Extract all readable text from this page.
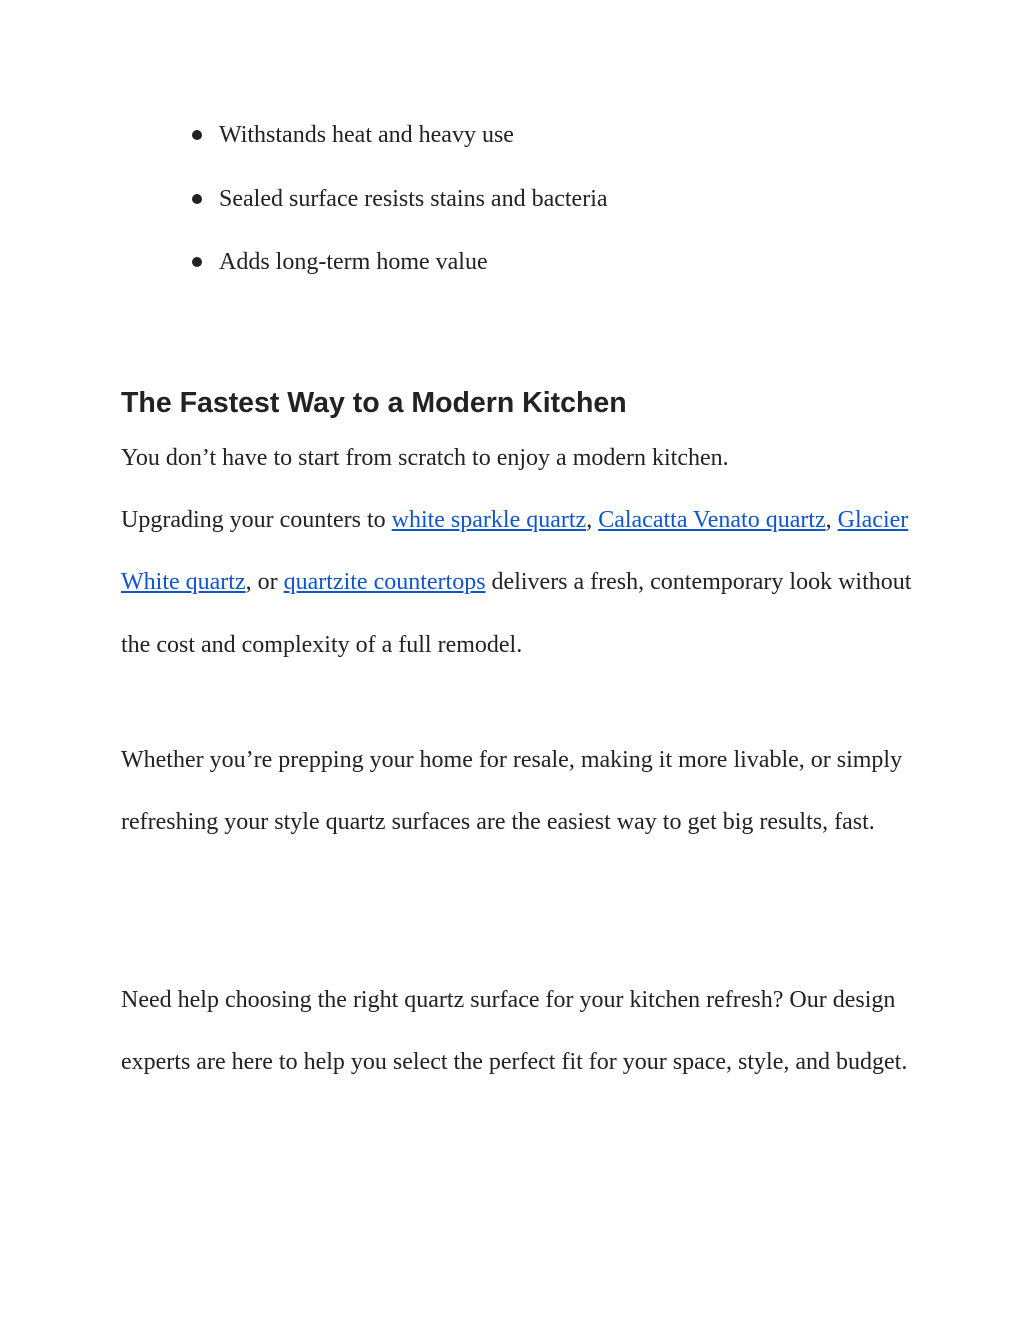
Withstands heat and heavy use
Sealed surface resists stains and bacteria
Adds long-term home value
The Fastest Way to a Modern Kitchen

You don’t have to start from scratch to enjoy a modern kitchen.
Upgrading your counters to white sparkle quartz, Calacatta Venato quartz, Glacier White quartz, or quartzite countertops delivers a fresh, contemporary look without the cost and complexity of a full remodel.

Whether you’re prepping your home for resale, making it more livable, or simply refreshing your style quartz surfaces are the easiest way to get big results, fast.

Need help choosing the right quartz surface for your kitchen refresh? Our design experts are here to help you select the perfect fit for your space, style, and budget.
